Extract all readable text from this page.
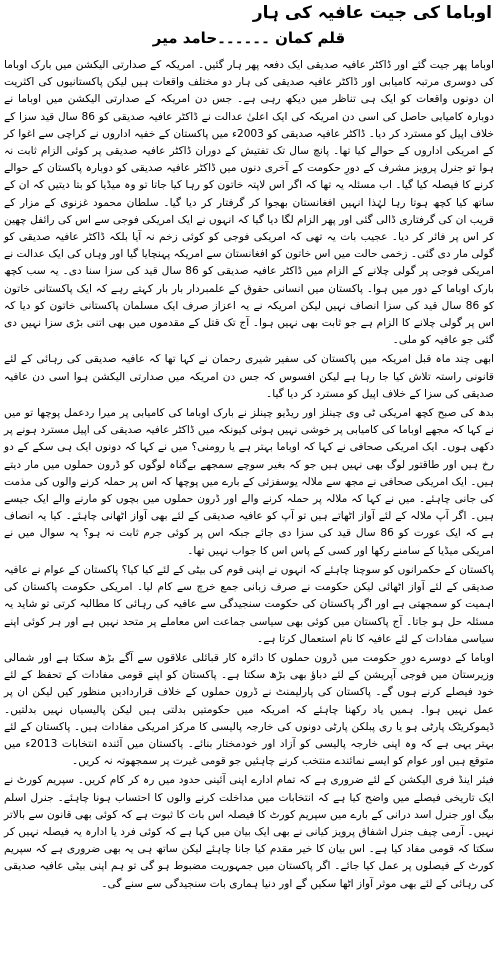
اوباما کی جیت عافیہ کی ہار
قلم کمان ۔۔۔۔۔۔حامد میر

اوباما پھر جیت گئے اور ڈاکٹر عافیہ صدیقی ایک دفعہ پھر ہار گئیں۔ امریکہ کے صدارتی الیکشن میں بارک اوباما کی دوسری مرتبہ کامیابی اور ڈاکٹر عافیہ صدیقی کی ہار دو مختلف واقعات ہیں لیکن پاکستانیوں کی اکثریت ان دونوں واقعات کو ایک ہی تناظر میں دیکھ رہی ہے۔ جس دن امریکہ کے صدارتی الیکشن میں اوباما نے دوبارہ کامیابی حاصل کی اسی دن امریکہ کی ایک اعلیٰ عدالت نے ڈاکٹر عافیہ صدیقی کو 86 سال قید سزا کے خلاف اپیل کو مسترد کر دیا۔ ڈاکٹر عافیہ صدیقی کو 2003ء میں پاکستان کے خفیہ اداروں نے کراچی سے اغوا کر کے امریکی اداروں کے حوالے کیا تھا۔ پانچ سال تک تفتیش کے دوران ڈاکٹر عافیہ صدیقی پر کوئی الزام ثابت نہ ہوا تو جنرل پرویز مشرف کے دورِ حکومت کے آخری دنوں میں ڈاکٹر عافیہ صدیقی کو دوبارہ پاکستان کے حوالے کرنے کا فیصلہ کیا گیا۔ اب مسئلہ یہ تھا کہ اگر اس لاپتہ خاتون کو رہا کیا جاتا تو وہ میڈیا کو بتا دیتیں کہ ان کے ساتھ کیا کچھ ہوتا رہا لہٰذا انہیں افغانستان بھجوا کر گرفتار کر دیا گیا۔ سلطان محمود غزنوی کے مزار کے قریب ان کی گرفتاری ڈالی گئی اور پھر الزام لگا دیا گیا کہ انہوں نے ایک امریکی فوجی سے اس کی رائفل چھین کر اس پر فائر کر دیا۔ عجیب بات یہ تھی کہ امریکی فوجی کو کوئی زخم نہ آیا بلکہ ڈاکٹر عافیہ صدیقی کو گولی مار دی گئی۔ زخمی حالت میں اس خاتون کو افغانستان سے امریکہ پہنچایا گیا اور وہاں کی ایک عدالت نے امریکی فوجی پر گولی چلانے کے الزام میں ڈاکٹر عافیہ صدیقی کو 86 سال قید کی سزا سنا دی۔ یہ سب کچھ بارک اوباما کے دور میں ہوا۔ پاکستان میں انسانی حقوق کے علمبردار بار بار کہتے رہے کہ ایک پاکستانی خاتون کو 86 سال قید کی سزا انصاف نہیں لیکن امریکہ نے یہ اعزاز صرف ایک مسلمان پاکستانی خاتون کو دیا کہ اس پر گولی چلانے کا الزام ہے جو ثابت بھی نہیں ہوا۔ آج تک قتل کے مقدموں میں بھی اتنی بڑی سزا نہیں دی گئی جو عافیہ کو ملی۔

ابھی چند ماہ قبل امریکہ میں پاکستان کی سفیر شیری رحمان نے کہا تھا کہ عافیہ صدیقی کی رہائی کے لئے قانونی راستہ تلاش کیا جا رہا ہے لیکن افسوس کہ جس دن امریکہ میں صدارتی الیکشن ہوا اسی دن عافیہ صدیقی کی سزا کے خلاف اپیل کو مسترد کر دیا گیا۔

بدھ کی صبح کچھ امریکی ٹی وی چینلز اور ریڈیو چینلز نے بارک اوباما کی کامیابی پر میرا ردعمل پوچھا تو میں نے کہا کہ مجھے اوباما کی کامیابی پر خوشی نہیں ہوئی کیونکہ میں ڈاکٹر عافیہ صدیقی کی اپیل مسترد ہونے پر دکھی ہوں۔ ایک امریکی صحافی نے کہا کہ اوباما بہتر ہے یا رومنی؟ میں نے کہا کہ دونوں ایک ہی سکے کے دو رخ ہیں اور طاقتور لوگ بھی نہیں ہیں جو کہ بغیر سوچے سمجھے بےگناہ لوگوں کو ڈرون حملوں میں مار دیتے ہیں۔ ایک امریکی صحافی نے مجھ سے ملالہ یوسفزئی کے بارے میں پوچھا کہ اس پر حملہ کرنے والوں کی مذمت کی جانی چاہئے۔ میں نے کہا کہ ملالہ پر حملہ کرنے والے اور ڈرون حملوں میں بچوں کو مارنے والے ایک جیسے ہیں۔ اگر آپ ملالہ کے لئے آواز اٹھاتے ہیں تو آپ کو عافیہ صدیقی کے لئے بھی آواز اٹھانی چاہئے۔ کیا یہ انصاف ہے کہ ایک عورت کو 86 سال قید کی سزا دی جائے جبکہ اس پر کوئی جرم ثابت نہ ہو؟ یہ سوال میں نے امریکی میڈیا کے سامنے رکھا اور کسی کے پاس اس کا جواب نہیں تھا۔

پاکستان کے حکمرانوں کو سوچنا چاہئے کہ انہوں نے اپنی قوم کی بیٹی کے لئے کیا کیا؟ پاکستان کے عوام نے عافیہ صدیقی کے لئے آواز اٹھائی لیکن حکومت نے صرف زبانی جمع خرچ سے کام لیا۔ امریکی حکومت پاکستان کی اہمیت کو سمجھتی ہے اور اگر پاکستان کی حکومت سنجیدگی سے عافیہ کی رہائی کا مطالبہ کرتی تو شاید یہ مسئلہ حل ہو جاتا۔ آج پاکستان میں کوئی بھی سیاسی جماعت اس معاملے پر متحد نہیں ہے اور ہر کوئی اپنے سیاسی مفادات کے لئے عافیہ کا نام استعمال کرتا ہے۔

اوباما کے دوسرے دورِ حکومت میں ڈرون حملوں کا دائرہ کار قبائلی علاقوں سے آگے بڑھ سکتا ہے اور شمالی وزیرستان میں فوجی آپریشن کے لئے دباؤ بھی بڑھ سکتا ہے۔ پاکستان کو اپنے قومی مفادات کے تحفظ کے لئے خود فیصلے کرنے ہوں گے۔ پاکستان کی پارلیمنٹ نے ڈرون حملوں کے خلاف قراردادیں منظور کیں لیکن ان پر عمل نہیں ہوا۔ ہمیں یاد رکھنا چاہئے کہ امریکہ میں حکومتیں بدلتی ہیں لیکن پالیسیاں نہیں بدلتیں۔ ڈیموکریٹک پارٹی ہو یا ری پبلکن پارٹی دونوں کی خارجہ پالیسی کا مرکز امریکی مفادات ہیں۔ پاکستان کے لئے بہتر یہی ہے کہ وہ اپنی خارجہ پالیسی کو آزاد اور خودمختار بنائے۔ پاکستان میں آئندہ انتخابات 2013ء میں متوقع ہیں اور عوام کو ایسے نمائندے منتخب کرنے چاہئیں جو قومی غیرت پر سمجھوتہ نہ کریں۔

فیئر اینڈ فری الیکشن کے لئے ضروری ہے کہ تمام ادارے اپنی آئینی حدود میں رہ کر کام کریں۔ سپریم کورٹ نے ایک تاریخی فیصلے میں واضح کیا ہے کہ انتخابات میں مداخلت کرنے والوں کا احتساب ہونا چاہئے۔ جنرل اسلم بیگ اور جنرل اسد درانی کے بارے میں سپریم کورٹ کا فیصلہ اس بات کا ثبوت ہے کہ کوئی بھی قانون سے بالاتر نہیں۔ آرمی چیف جنرل اشفاق پرویز کیانی نے بھی ایک بیان میں کہا ہے کہ کوئی فرد یا ادارہ یہ فیصلہ نہیں کر سکتا کہ قومی مفاد کیا ہے۔ اس بیان کا خیر مقدم کیا جانا چاہئے لیکن ساتھ ہی یہ بھی ضروری ہے کہ سپریم کورٹ کے فیصلوں پر عمل کیا جائے۔ اگر پاکستان میں جمہوریت مضبوط ہو گی تو ہم اپنی بیٹی عافیہ صدیقی کی رہائی کے لئے بھی موثر آواز اٹھا سکیں گے اور دنیا ہماری بات سنجیدگی سے سنے گی۔
